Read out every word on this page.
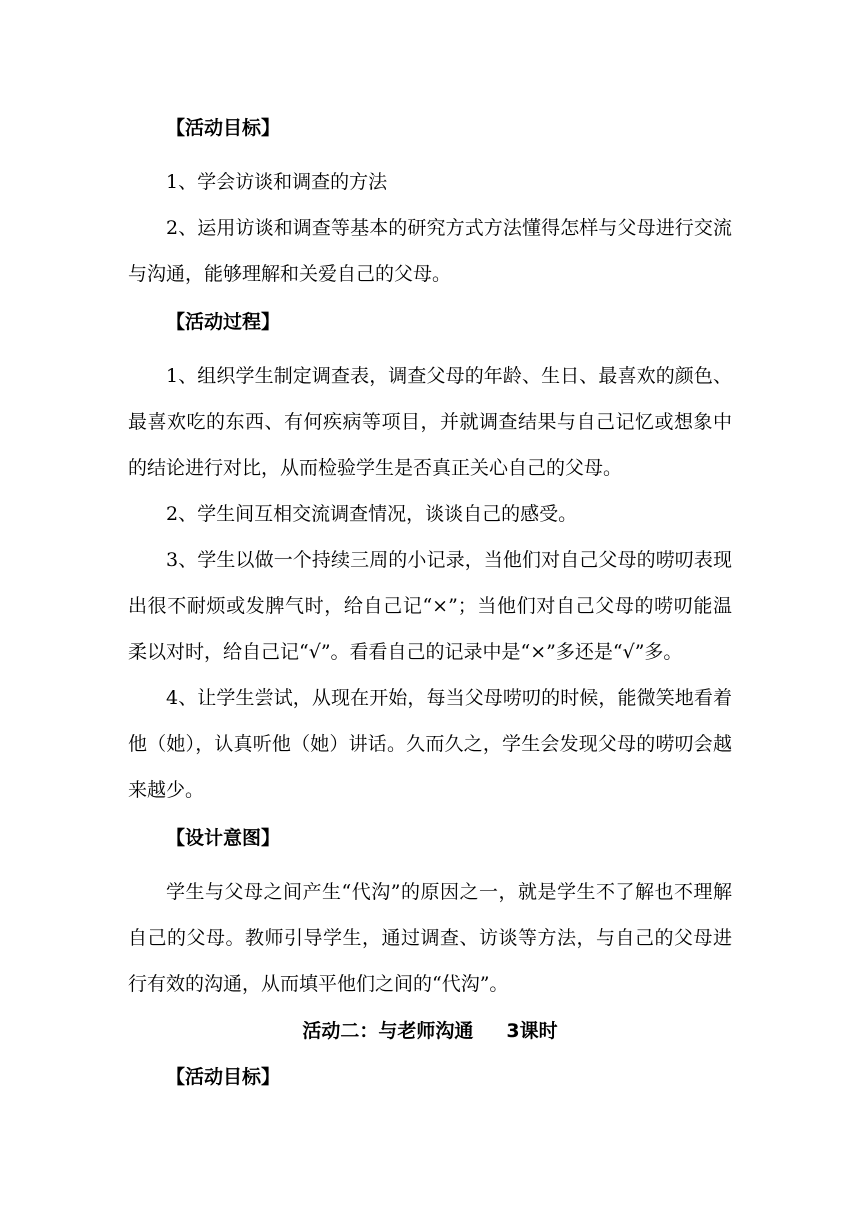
【活动目标】

1、学会访谈和调查的方法

2、运用访谈和调查等基本的研究方式方法懂得怎样与父母进行交流与沟通，能够理解和关爱自己的父母。

【活动过程】

1、组织学生制定调查表，调查父母的年龄、生日、最喜欢的颜色、最喜欢吃的东西、有何疾病等项目，并就调查结果与自己记忆或想象中的结论进行对比，从而检验学生是否真正关心自己的父母。

2、学生间互相交流调查情况，谈谈自己的感受。

3、学生以做一个持续三周的小记录，当他们对自己父母的唠叨表现出很不耐烦或发脾气时，给自己记“×”；当他们对自己父母的唠叨能温柔以对时，给自己记“√”。看看自己的记录中是“×”多还是“√”多。

4、让学生尝试，从现在开始，每当父母唠叨的时候，能微笑地看着他（她），认真听他（她）讲话。久而久之，学生会发现父母的唠叨会越来越少。

【设计意图】

学生与父母之间产生“代沟”的原因之一，就是学生不了解也不理解自己的父母。教师引导学生，通过调查、访谈等方法，与自己的父母进行有效的沟通，从而填平他们之间的“代沟”。

活动二：与老师沟通     3课时
【活动目标】
